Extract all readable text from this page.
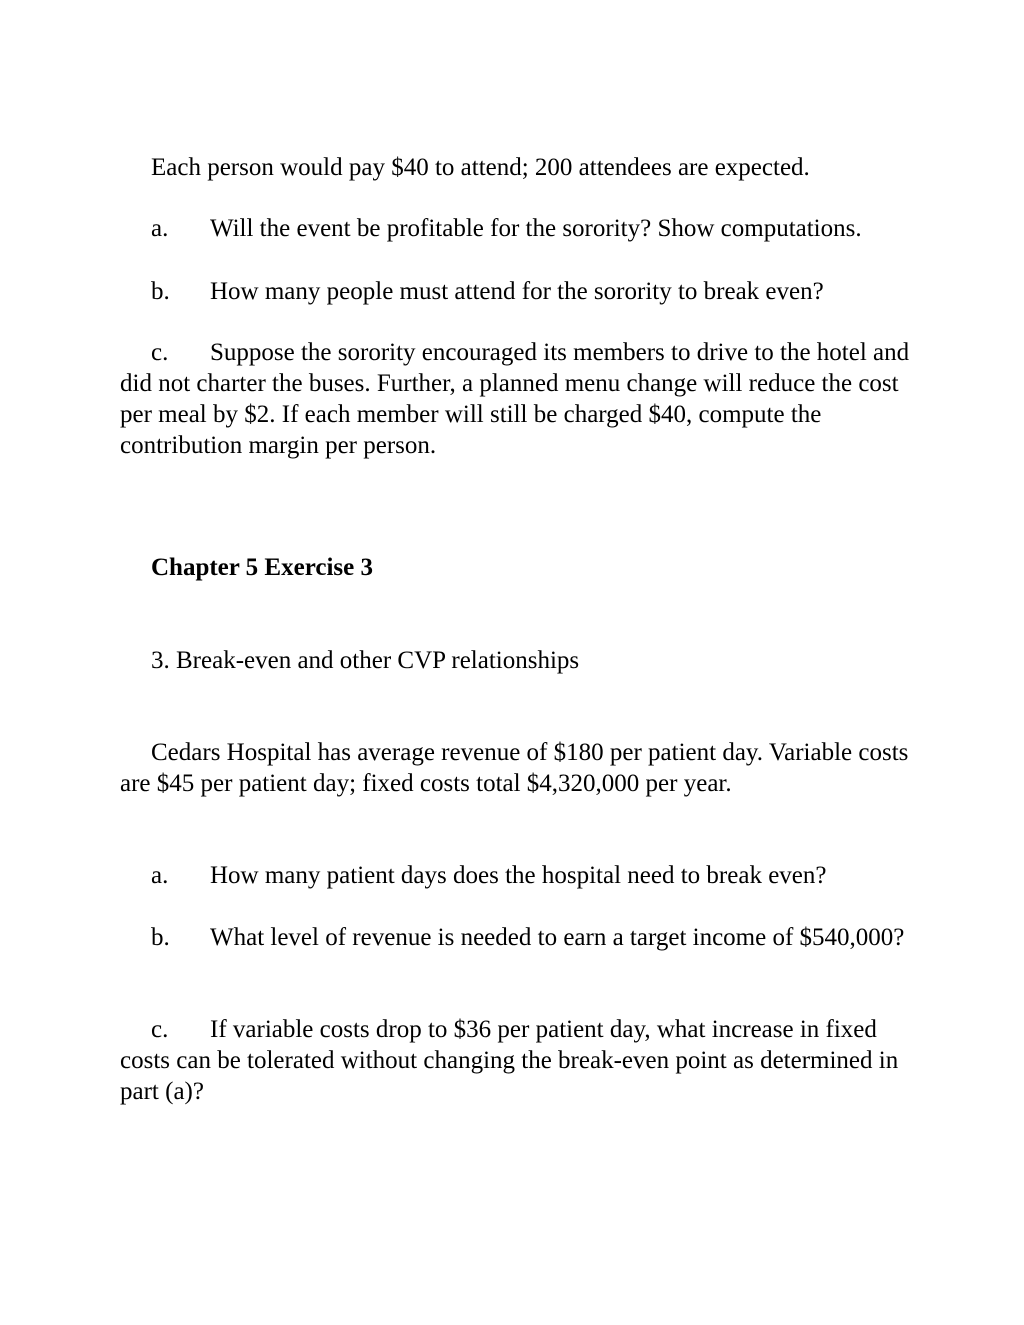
Each person would pay $40 to attend; 200 attendees are expected.

a. Will the event be profitable for the sorority? Show computations.

b. How many people must attend for the sorority to break even?

c. Suppose the sorority encouraged its members to drive to the hotel and did not charter the buses. Further, a planned menu change will reduce the cost per meal by $2. If each member will still be charged $40, compute the contribution margin per person.

Chapter 5 Exercise 3

3. Break-even and other CVP relationships

Cedars Hospital has average revenue of $180 per patient day. Variable costs are $45 per patient day; fixed costs total $4,320,000 per year.

a. How many patient days does the hospital need to break even?

b. What level of revenue is needed to earn a target income of $540,000?

c. If variable costs drop to $36 per patient day, what increase in fixed costs can be tolerated without changing the break-even point as determined in part (a)?
